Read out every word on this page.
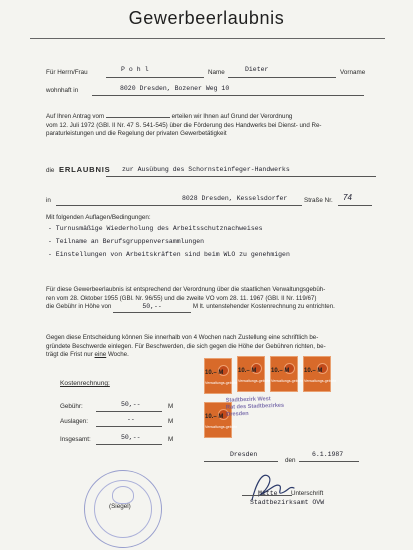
Gewerbeerlaubnis
Für Herrn/Frau	Pohl	Name	Dieter	Vorname
wohnhaft in	8020 Dresden, Bozener Weg 10
Auf Ihren Antrag vom	erteilen wir Ihnen auf Grund der Verordnung
vom 12. Juli 1972 (GBl. II Nr. 47 S. 541-545) über die Förderung des Handwerks bei Dienst- und Re-
paraturleistungen und die Regelung der privaten Gewerbetätigkeit
die ERLAUBNIS zur Ausübung des Schornsteinfeger-Handwerks
in	8028 Dresden, Kesselsdorfer	Straße Nr. 74
Mit folgenden Auflagen/Bedingungen:
- Turnusmäßige Wiederholung des Arbeitsschutznachweises
- Teilname an Berufsgruppenversammlungen
- Einstellungen von Arbeitskräften sind beim WLO zu genehmigen
Für diese Gewerbeerlaubnis ist entsprechend der Verordnung über die staatlichen Verwaltungsgebüh-
ren vom 28. Oktober 1955 (GBl. Nr. 96/55) und die zweite VO vom 28. 11. 1967 (GBl. II Nr. 119/67)
die Gebühr in Höhe von	50,--	M lt. untenstehender Kostenrechnung zu entrichten.
Gegen diese Entscheidung können Sie innerhalb von 4 Wochen nach Zustellung eine schriftlich be-
gründete Beschwerde einlegen. Für Beschwerden, die sich gegen die Höhe der Gebühren richten, be-
trägt die Frist nur eine Woche.
Kostenrechnung:
Gebühr:	50,--	M
Auslagen:	--	M
Insgesamt:	50,--	M
10.– M
Verwaltungs-gebühr
10.– M
Verwaltungs-gebühr
10.– M
Verwaltungs-gebühr
10.– M
Verwaltungs-gebühr
10.– M
Verwaltungs-gebühr
Stadtbezirk West
Rat des Stadtbezirkes
Dresden
Dresden
den
6.1.1987
(Siegel)
Mitte Unterschrift
Stadtbezirksamt OVW
